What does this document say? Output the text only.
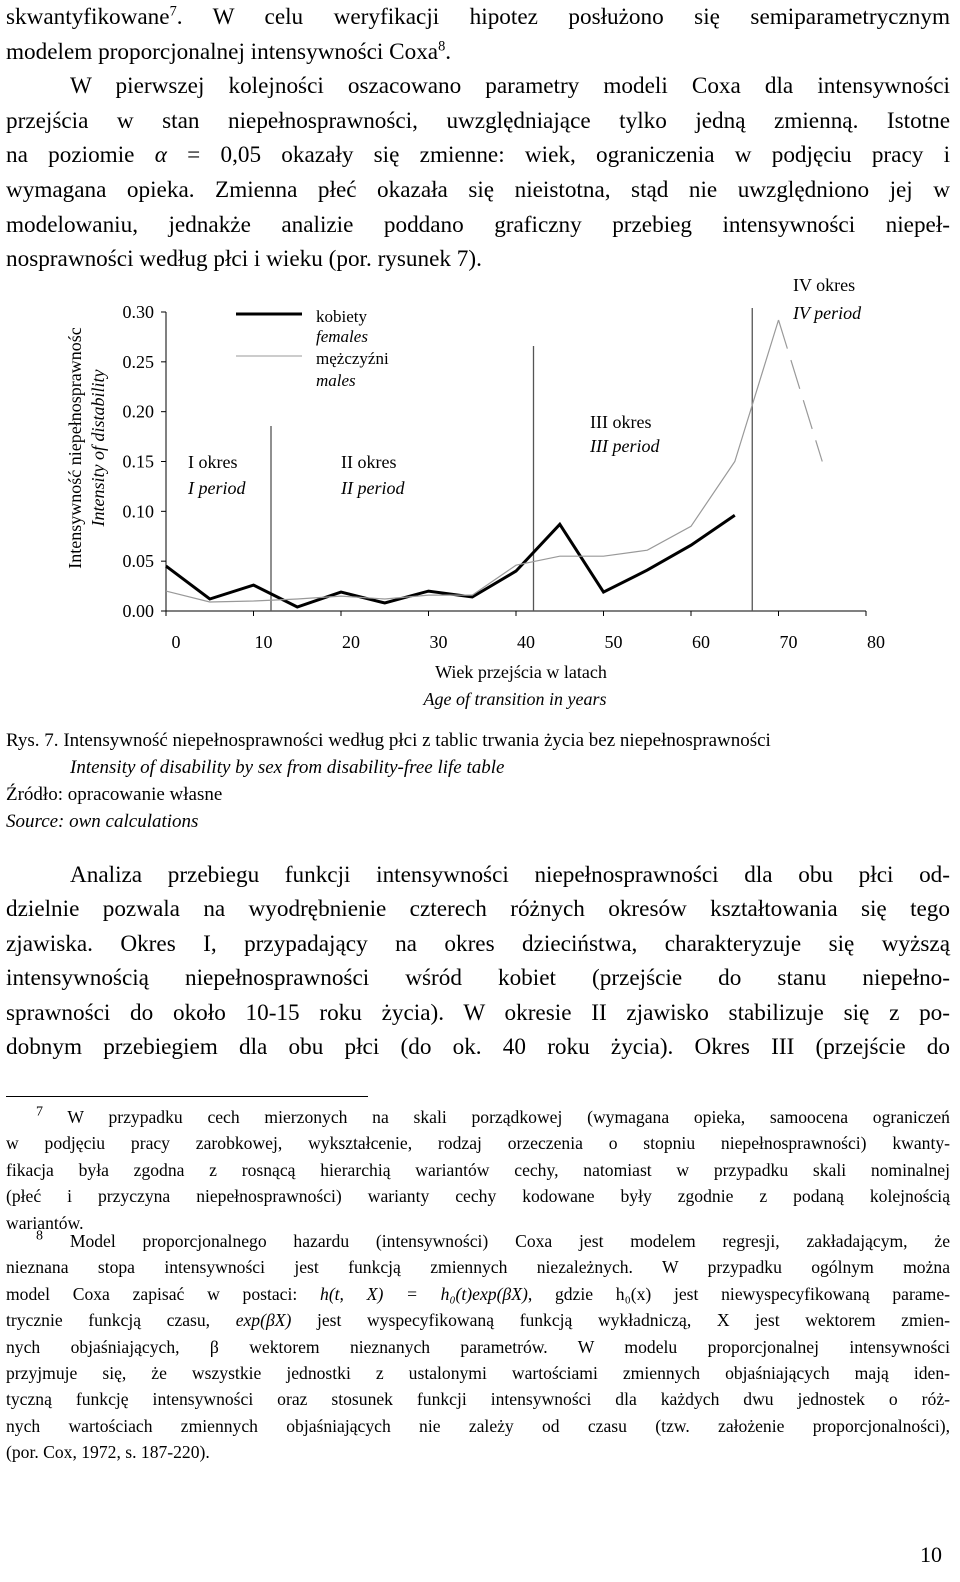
skwantyfikowane$^7$. W celu weryfikacji hipotez posłużono się semiparametrycznym
modelem proporcjonalnej intensywności Coxa$^8$.
W pierwszej kolejności oszacowano parametry modeli Coxa dla intensywności
przejścia w stan niepełnosprawności, uwzględniające tylko jedną zmienną. Istotne
na poziomie α = 0,05 okazały się zmienne: wiek, ograniczenia w podjęciu pracy i
wymagana opieka. Zmienna płeć okazała się nieistotna, stąd nie uwzględniono jej w
modelowaniu, jednakże analizie poddano graficzny przebieg intensywności niepeł-
nosprawności według płci i wieku (por. rysunek 7).
Intensywność niepełnosprawnośc Intensity of distability
0.00
0.05
0.10
0.15
0.20
0.25
0.30
0	10	20	30	40	50	60	70	80
kobiety
females
mężczyźni
males
I okres
I period
II okres
II period
III okres
III period
IV okres
IV period
Wiek przejścia w latach
Age of transition in years
Rys. 7. Intensywność niepełnosprawności według płci z tablic trwania życia bez niepełnosprawności
Intensity of disability by sex from disability-free life table
Źródło: opracowanie własne
Source: own calculations
Analiza przebiegu funkcji intensywności niepełnosprawności dla obu płci od-
dzielnie pozwala na wyodrębnienie czterech różnych okresów kształtowania się tego
zjawiska. Okres I, przypadający na okres dzieciństwa, charakteryzuje się wyższą
intensywnością niepełnosprawności wśród kobiet (przejście do stanu niepełno-
sprawności do około 10-15 roku życia). W okresie II zjawisko stabilizuje się z po-
dobnym przebiegiem dla obu płci (do ok. 40 roku życia). Okres III (przejście do
$^7$ W przypadku cech mierzonych na skali porządkowej (wymagana opieka, samoocena ograniczeń
w podjęciu pracy zarobkowej, wykształcenie, rodzaj orzeczenia o stopniu niepełnosprawności) kwanty-
fikacja była zgodna z rosnącą hierarchią wariantów cechy, natomiast w przypadku skali nominalnej
(płeć i przyczyna niepełnosprawności) warianty cechy kodowane były zgodnie z podaną kolejnością
wariantów.
$^8$ Model proporcjonalnego hazardu (intensywności) Coxa jest modelem regresji, zakładającym, że
nieznana stopa intensywności jest funkcją zmiennych niezależnych. W przypadku ogólnym można
model Coxa zapisać w postaci: h(t, X) = h₀(t)exp(βX), gdzie h₀(x) jest niewyspecyfikowaną parame-
trycznie funkcją czasu, exp(βX) jest wyspecyfikowaną funkcją wykładniczą, X jest wektorem zmien-
nych objaśniających, β wektorem nieznanych parametrów. W modelu proporcjonalnej intensywności
przyjmuje się, że wszystkie jednostki z ustalonymi wartościami zmiennych objaśniających mają iden-
tyczną funkcję intensywności oraz stosunek funkcji intensywności dla każdych dwu jednostek o róż-
nych wartościach zmiennych objaśniających nie zależy od czasu (tzw. założenie proporcjonalności),
(por. Cox, 1972, s. 187-220).
10
